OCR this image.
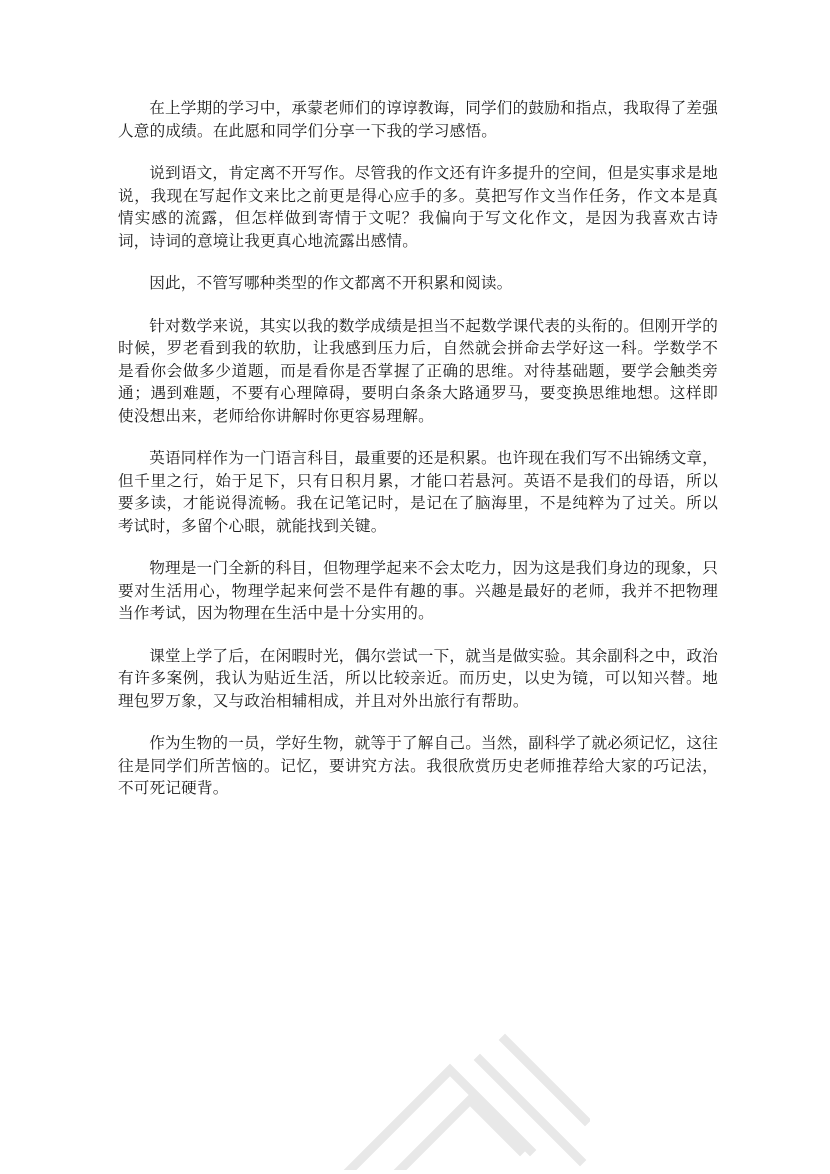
在上学期的学习中，承蒙老师们的谆谆教诲，同学们的鼓励和指点，我取得了差强人意的成绩。在此愿和同学们分享一下我的学习感悟。

说到语文，肯定离不开写作。尽管我的作文还有许多提升的空间，但是实事求是地说，我现在写起作文来比之前更是得心应手的多。莫把写作文当作任务，作文本是真情实感的流露，但怎样做到寄情于文呢？我偏向于写文化作文，是因为我喜欢古诗词，诗词的意境让我更真心地流露出感情。

因此，不管写哪种类型的作文都离不开积累和阅读。

针对数学来说，其实以我的数学成绩是担当不起数学课代表的头衔的。但刚开学的时候，罗老看到我的软肋，让我感到压力后，自然就会拼命去学好这一科。学数学不是看你会做多少道题，而是看你是否掌握了正确的思维。对待基础题，要学会触类旁通；遇到难题，不要有心理障碍，要明白条条大路通罗马，要变换思维地想。这样即使没想出来，老师给你讲解时你更容易理解。

英语同样作为一门语言科目，最重要的还是积累。也许现在我们写不出锦绣文章，但千里之行，始于足下，只有日积月累，才能口若悬河。英语不是我们的母语，所以要多读，才能说得流畅。我在记笔记时，是记在了脑海里，不是纯粹为了过关。所以考试时，多留个心眼，就能找到关键。

物理是一门全新的科目，但物理学起来不会太吃力，因为这是我们身边的现象，只要对生活用心，物理学起来何尝不是件有趣的事。兴趣是最好的老师，我并不把物理当作考试，因为物理在生活中是十分实用的。

课堂上学了后，在闲暇时光，偶尔尝试一下，就当是做实验。其余副科之中，政治有许多案例，我认为贴近生活，所以比较亲近。而历史，以史为镜，可以知兴替。地理包罗万象，又与政治相辅相成，并且对外出旅行有帮助。

作为生物的一员，学好生物，就等于了解自己。当然，副科学了就必须记忆，这往往是同学们所苦恼的。记忆，要讲究方法。我很欣赏历史老师推荐给大家的巧记法，不可死记硬背。
